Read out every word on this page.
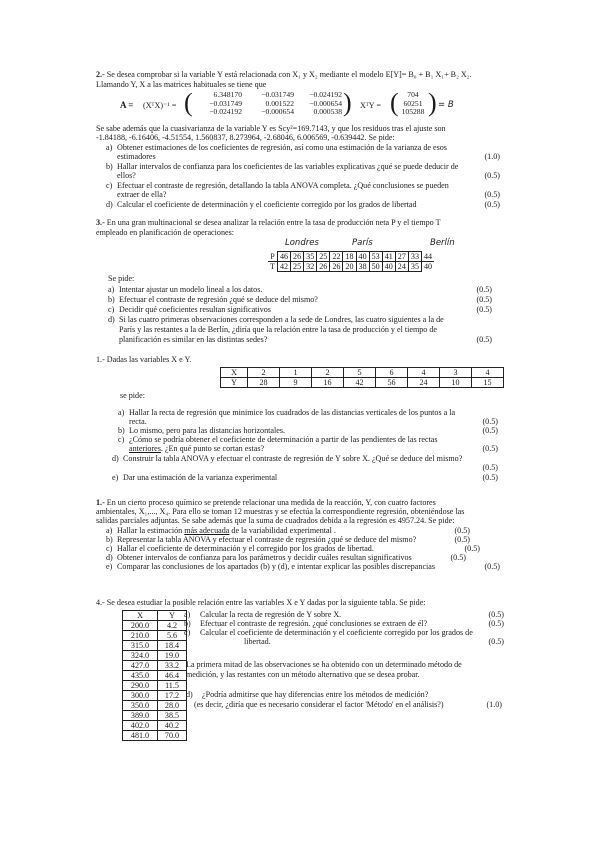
2.- Se desea comprobar si la variable Y está relacionada con X₁ y X₂ mediante el modelo E[Y]= B₀ + B₁ X₁+ B₂ X₂.
Llamando Y, X a las matrices habituales se tiene que
A = (XᵀX)⁻¹ = (	6.348170	−0.031749	−0.024192
−0.031749	0.001522	−0.000654
−0.024192	−0.000654	0.000538 ) XᵀY = (	704
60251
105288 ) = B
Se sabe además que la cuasivarianza de la variable Y es Scy²=169.7143, y que los residuos tras el ajuste son
-1.84188, -6.16406, -4.51554, 1.560837, 8.273964, -2.68046, 6.006569, -0.639442. Se pide:
a) Obtener estimaciones de los coeficientes de regresión, así como una estimación de la varianza de esos
estimadores	(1.0)
b) Hallar intervalos de confianza para los coeficientes de las variables explicativas ¿qué se puede deducir de
ellos?	(0.5)
c) Efectuar el contraste de regresión, detallando la tabla ANOVA completa. ¿Qué conclusiones se pueden
extraer de ella?	(0.5)
d) Calcular el coeficiente de determinación y el coeficiente corregido por los grados de libertad	(0.5)
3.- En una gran multinacional se desea analizar la relación entre la tasa de producción neta P y el tiempo T
empleado en planificación de operaciones:
Londres	París	Berlín
P	46	26	35	25	22	18	40	53	41	27	33	44
T	42	25	32	26	26	20	38	50	40	24	35	40
Se pide:
a) Intentar ajustar un modelo lineal a los datos.	(0.5)
b) Efectuar el contraste de regresión ¿qué se deduce del mismo?	(0.5)
c) Decidir qué coeficientes resultan significativos	(0.5)
d) Si las cuatro primeras observaciones corresponden a la sede de Londres, las cuatro siguientes a la de
París y las restantes a la de Berlín, ¿diría que la relación entre la tasa de producción y el tiempo de
planificación es similar en las distintas sedes?	(0.5)
1.- Dadas las variables X e Y.
X	2	1	2	5	6	4	3	4
Y	28	9	16	42	56	24	10	15
se pide:
a) Hallar la recta de regresión que minimice los cuadrados de las distancias verticales de los puntos a la
recta.	(0.5)
b) Lo mismo, pero para las distancias horizontales.	(0.5)
c) ¿Cómo se podría obtener el coeficiente de determinación a partir de las pendientes de las rectas
anteriores. ¿En qué punto se cortan estas?	(0.5)
d) Construir la tabla ANOVA y efectuar el contraste de regresión de Y sobre X. ¿Qué se deduce del mismo?
(0.5)
e) Dar una estimación de la varianza experimental	(0.5)
1.- En un cierto proceso químico se pretende relacionar una medida de la reacción, Y, con cuatro factores
ambientales, X₁,..., X₄. Para ello se toman 12 muestras y se efectúa la correspondiente regresión, obteniéndose las
salidas parciales adjuntas. Se sabe además que la suma de cuadrados debida a la regresión es 4957.24. Se pide:
a) Hallar la estimación más adecuada de la variabilidad experimental .	(0.5)
b) Representar la tabla ANOVA y efectuar el contraste de regresión ¿qué se deduce del mismo?	(0.5)
c) Hallar el coeficiente de determinación y el corregido por los grados de libertad.	(0.5)
d) Obtener intervalos de confianza para los parámetros y decidir cuáles resultan significativos	(0.5)
e) Comparar las conclusiones de los apartados (b) y (d), e intentar explicar las posibles discrepancias	(0.5)
4.- Se desea estudiar la posible relación entre las variables X e Y dadas por la siguiente tabla. Se pide:
X	Y
200.0	4.2
210.0	5.6
315.0	18.4
324.0	19.0
427.0	33.2
435.0	46.4
290.0	11.5
300.0	17.2
350.0	28.0
389.0	38.5
402.0	40.2
481.0	70.0
a) Calcular la recta de regresión de Y sobre X.	(0.5)
b) Efectuar el contraste de regresión. ¿qué conclusiones se extraen de él?	(0.5)
c) Calcular el coeficiente de determinación y el coeficiente corregido por los grados de
libertad.	(0.5)
La primera mitad de las observaciones se ha obtenido con un determinado método de
medición, y las restantes con un método alternativo que se desea probar.
d) ¿Podría admitirse que hay diferencias entre los métodos de medición?
(es decir, ¿diría que es necesario considerar el factor 'Método' en el análisis?)	(1.0)
